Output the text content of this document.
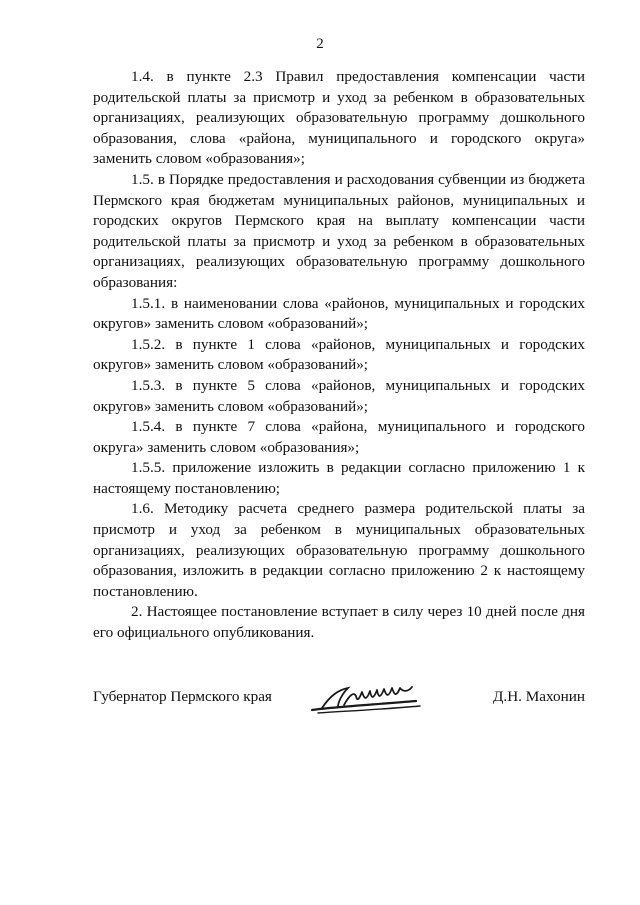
2

1.4. в пункте 2.3 Правил предоставления компенсации части родительской платы за присмотр и уход за ребенком в образовательных организациях, реализующих образовательную программу дошкольного образования, слова «района, муниципального и городского округа» заменить словом «образования»;

1.5. в Порядке предоставления и расходования субвенции из бюджета Пермского края бюджетам муниципальных районов, муниципальных и городских округов Пермского края на выплату компенсации части родительской платы за присмотр и уход за ребенком в образовательных организациях, реализующих образовательную программу дошкольного образования:

1.5.1. в наименовании слова «районов, муниципальных и городских округов» заменить словом «образований»;

1.5.2. в пункте 1 слова «районов, муниципальных и городских округов» заменить словом «образований»;

1.5.3. в пункте 5 слова «районов, муниципальных и городских округов» заменить словом «образований»;

1.5.4. в пункте 7 слова «района, муниципального и городского округа» заменить словом «образования»;

1.5.5. приложение изложить в редакции согласно приложению 1 к настоящему постановлению;

1.6. Методику расчета среднего размера родительской платы за присмотр и уход за ребенком в муниципальных образовательных организациях, реализующих образовательную программу дошкольного образования, изложить в редакции согласно приложению 2 к настоящему постановлению.

2. Настоящее постановление вступает в силу через 10 дней после дня его официального опубликования.

Губернатор Пермского края	Д.Н. Махонин
